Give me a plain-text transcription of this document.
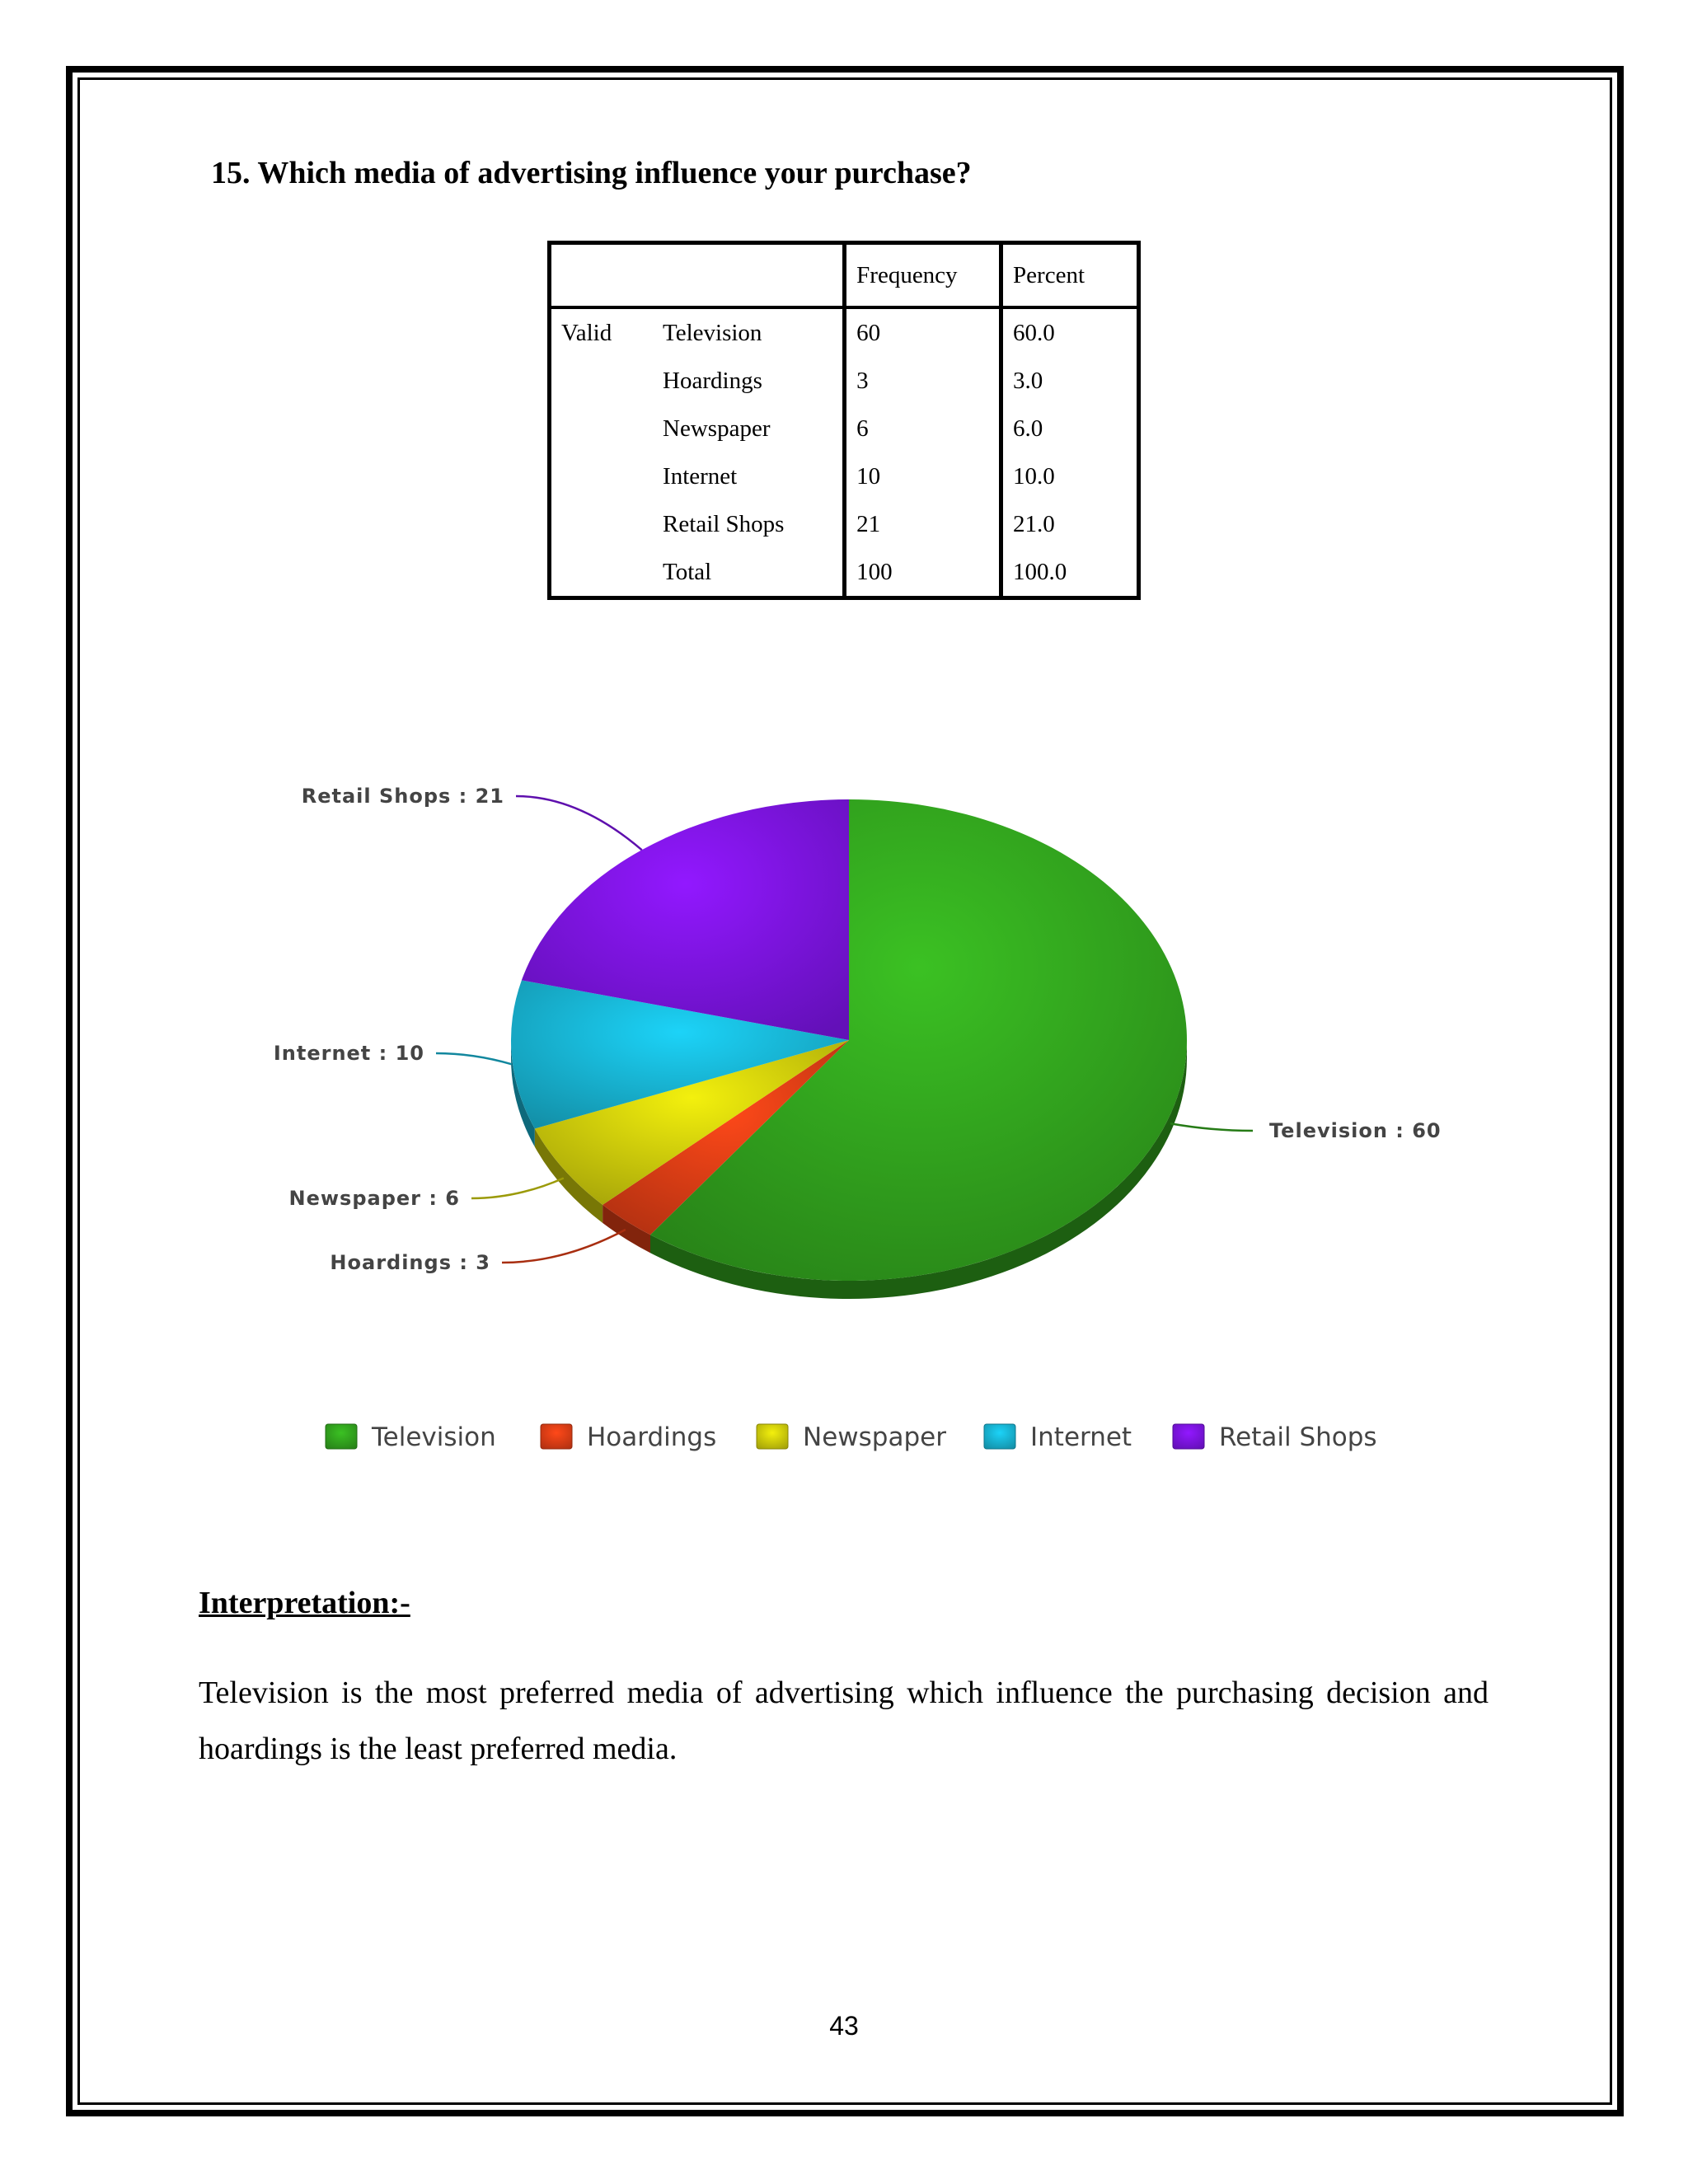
15. Which media of advertising influence your purchase?
		Frequency	Percent
Valid	Television	60	60.0
	Hoardings	3	3.0
	Newspaper	6	6.0
	Internet	10	10.0
	Retail Shops	21	21.0
	Total	100	100.0
Television : 60
Hoardings : 3
Newspaper : 6
Internet : 10
Retail Shops : 21
Television	Hoardings	Newspaper	Internet	Retail Shops
Interpretation:-

Television is the most preferred media of advertising which influence the purchasing decision and hoardings is the least preferred media.

43
